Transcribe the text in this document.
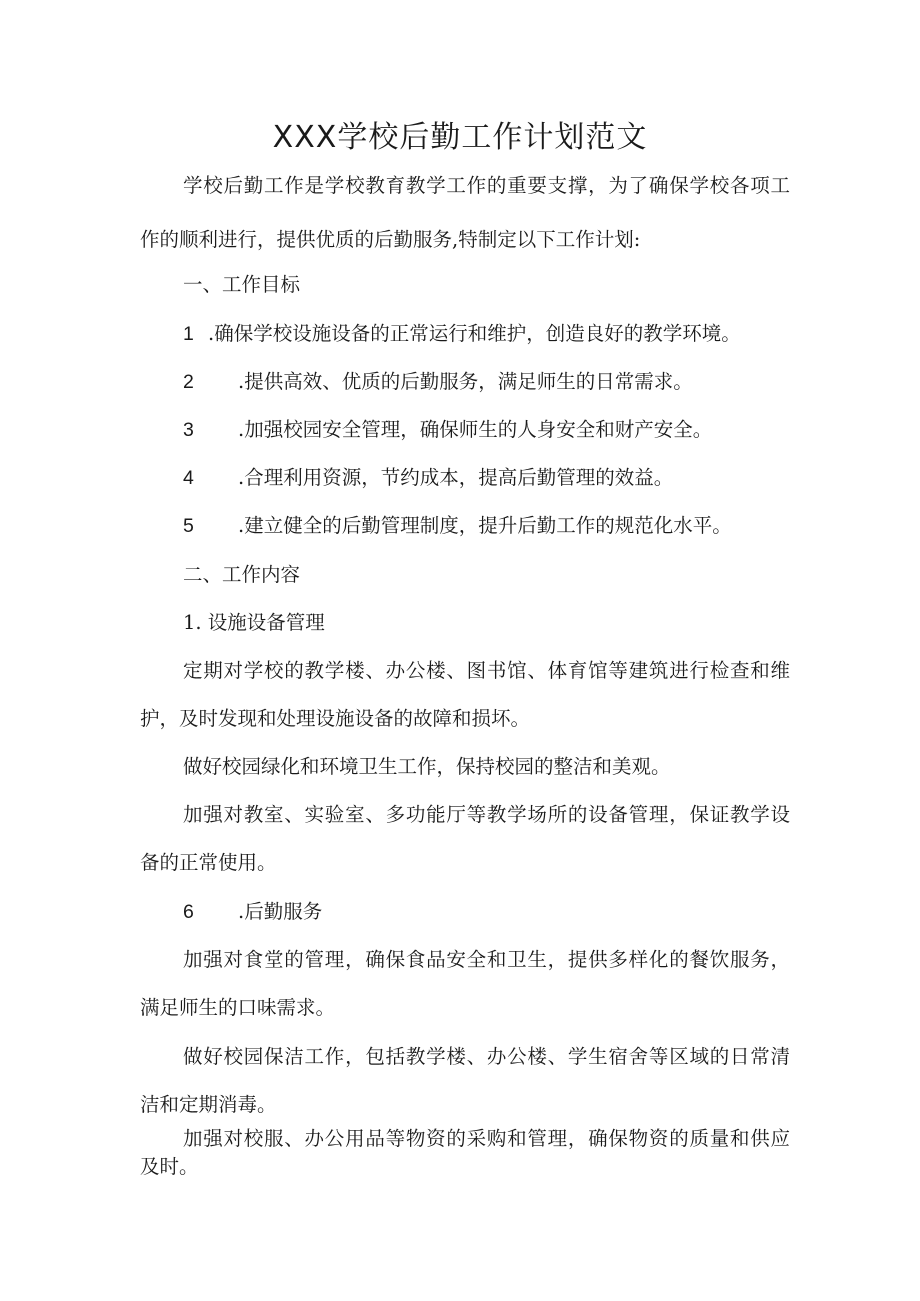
XXX学校后勤工作计划范文
学校后勤工作是学校教育教学工作的重要支撑，为了确保学校各项工
作的顺利进行，提供优质的后勤服务,特制定以下工作计划:
一、工作目标
1 .确保学校设施设备的正常运行和维护，创造良好的教学环境。
2 .提供高效、优质的后勤服务，满足师生的日常需求。
3 .加强校园安全管理，确保师生的人身安全和财产安全。
4 .合理利用资源，节约成本，提高后勤管理的效益。
5 .建立健全的后勤管理制度，提升后勤工作的规范化水平。
二、工作内容
1. 设施设备管理
定期对学校的教学楼、办公楼、图书馆、体育馆等建筑进行检查和维
护，及时发现和处理设施设备的故障和损坏。
做好校园绿化和环境卫生工作，保持校园的整洁和美观。
加强对教室、实验室、多功能厅等教学场所的设备管理，保证教学设
备的正常使用。
6 .后勤服务
加强对食堂的管理，确保食品安全和卫生，提供多样化的餐饮服务，
满足师生的口味需求。
做好校园保洁工作，包括教学楼、办公楼、学生宿舍等区域的日常清
洁和定期消毒。
加强对校服、办公用品等物资的采购和管理，确保物资的质量和供应
及时。
